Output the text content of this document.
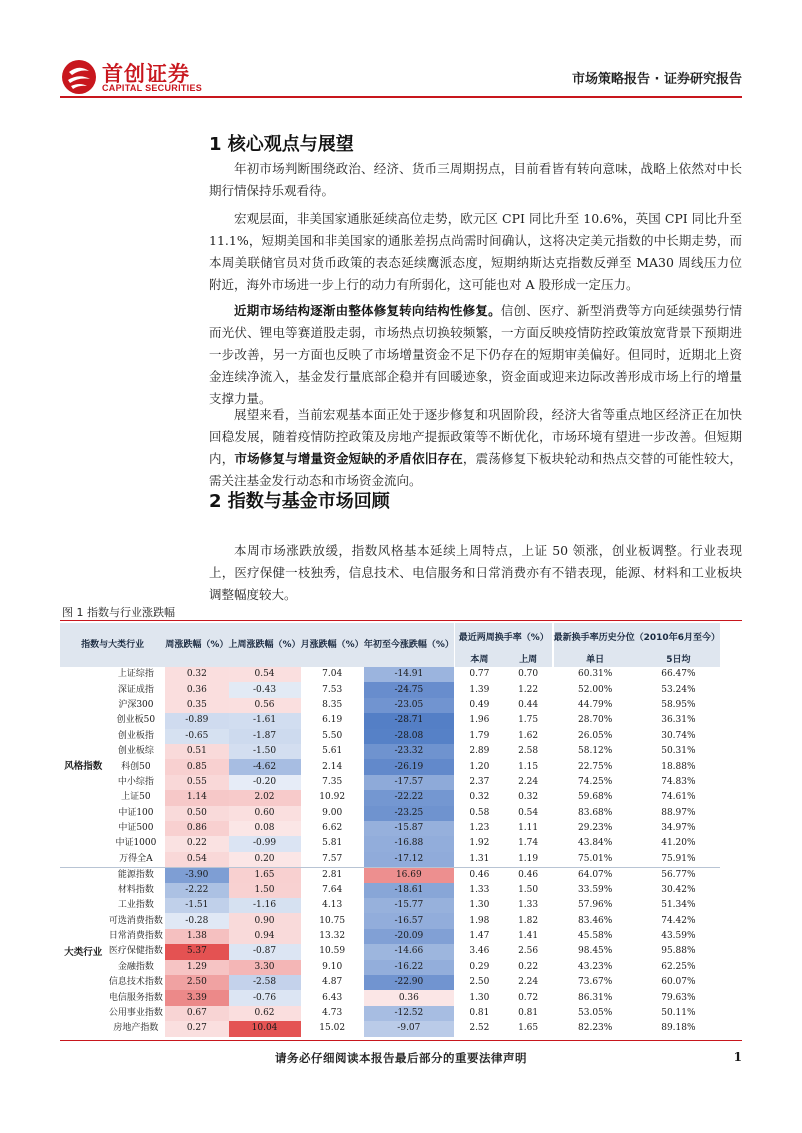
首创证券
CAPITAL SECURITIES
市场策略报告 · 证券研究报告
1 核心观点与展望

年初市场判断围绕政治、经济、货币三周期拐点，目前看皆有转向意味，战略上依然对中长期行情保持乐观看待。

宏观层面，非美国家通胀延续高位走势，欧元区 CPI 同比升至 10.6%，英国 CPI 同比升至 11.1%，短期美国和非美国家的通胀差拐点尚需时间确认，这将决定美元指数的中长期走势，而本周美联储官员对货币政策的表态延续鹰派态度，短期纳斯达克指数反弹至 MA30 周线压力位附近，海外市场进一步上行的动力有所弱化，这可能也对 A 股形成一定压力。

近期市场结构逐渐由整体修复转向结构性修复。信创、医疗、新型消费等方向延续强势行情而光伏、锂电等赛道股走弱，市场热点切换较频繁，一方面反映疫情防控政策放宽背景下预期进一步改善，另一方面也反映了市场增量资金不足下仍存在的短期审美偏好。但同时，近期北上资金连续净流入，基金发行量底部企稳并有回暖迹象，资金面或迎来边际改善形成市场上行的增量支撑力量。

展望来看，当前宏观基本面正处于逐步修复和巩固阶段，经济大省等重点地区经济正在加快回稳发展，随着疫情防控政策及房地产提振政策等不断优化，市场环境有望进一步改善。但短期内，市场修复与增量资金短缺的矛盾依旧存在，震荡修复下板块轮动和热点交替的可能性较大，需关注基金发行动态和市场资金流向。

2 指数与基金市场回顾

本周市场涨跌放缓，指数风格基本延续上周特点，上证 50 领涨，创业板调整。行业表现上，医疗保健一枝独秀，信息技术、电信服务和日常消费亦有不错表现，能源、材料和工业板块调整幅度较大。

图 1 指数与行业涨跌幅
指数与大类行业		周涨跌幅（%）	上周涨跌幅（%）	月涨跌幅（%）	年初至今涨跌幅（%）		最近两周换手率（%）			最新换手率历史分位（2010年6月至今）	
						本周	上周		单日	5日均
风格指数	上证综指	0.32	0.54	7.04	-14.91		0.77	0.70		60.31%	66.47%
	深证成指	0.36	-0.43	7.53	-24.75		1.39	1.22		52.00%	53.24%
	沪深300	0.35	0.56	8.35	-23.05		0.49	0.44		44.79%	58.95%
	创业板50	-0.89	-1.61	6.19	-28.71		1.96	1.75		28.70%	36.31%
	创业板指	-0.65	-1.87	5.50	-28.08		1.79	1.62		26.05%	30.74%
	创业板综	0.51	-1.50	5.61	-23.32		2.89	2.58		58.12%	50.31%
	科创50	0.85	-4.62	2.14	-26.19		1.20	1.15		22.75%	18.88%
	中小综指	0.55	-0.20	7.35	-17.57		2.37	2.24		74.25%	74.83%
	上证50	1.14	2.02	10.92	-22.22		0.32	0.32		59.68%	74.61%
	中证100	0.50	0.60	9.00	-23.25		0.58	0.54		83.68%	88.97%
	中证500	0.86	0.08	6.62	-15.87		1.23	1.11		29.23%	34.97%
	中证1000	0.22	-0.99	5.81	-16.88		1.92	1.74		43.84%	41.20%
	万得全A	0.54	0.20	7.57	-17.12		1.31	1.19		75.01%	75.91%
大类行业	能源指数	-3.90	1.65	2.81	16.69		0.46	0.46		64.07%	56.77%
	材料指数	-2.22	1.50	7.64	-18.61		1.33	1.50		33.59%	30.42%
	工业指数	-1.51	-1.16	4.13	-15.77		1.30	1.33		57.96%	51.34%
	可选消费指数	-0.28	0.90	10.75	-16.57		1.98	1.82		83.46%	74.42%
	日常消费指数	1.38	0.94	13.32	-20.09		1.47	1.41		45.58%	43.59%
	医疗保健指数	5.37	-0.87	10.59	-14.66		3.46	2.56		98.45%	95.88%
	金融指数	1.29	3.30	9.10	-16.22		0.29	0.22		43.23%	62.25%
	信息技术指数	2.50	-2.58	4.87	-22.90		2.50	2.24		73.67%	60.07%
	电信服务指数	3.39	-0.76	6.43	0.36		1.30	0.72		86.31%	79.63%
	公用事业指数	0.67	0.62	4.73	-12.52		0.81	0.81		53.05%	50.11%
	房地产指数	0.27	10.04	15.02	-9.07		2.52	1.65		82.23%	89.18%
请务必仔细阅读本报告最后部分的重要法律声明	1
